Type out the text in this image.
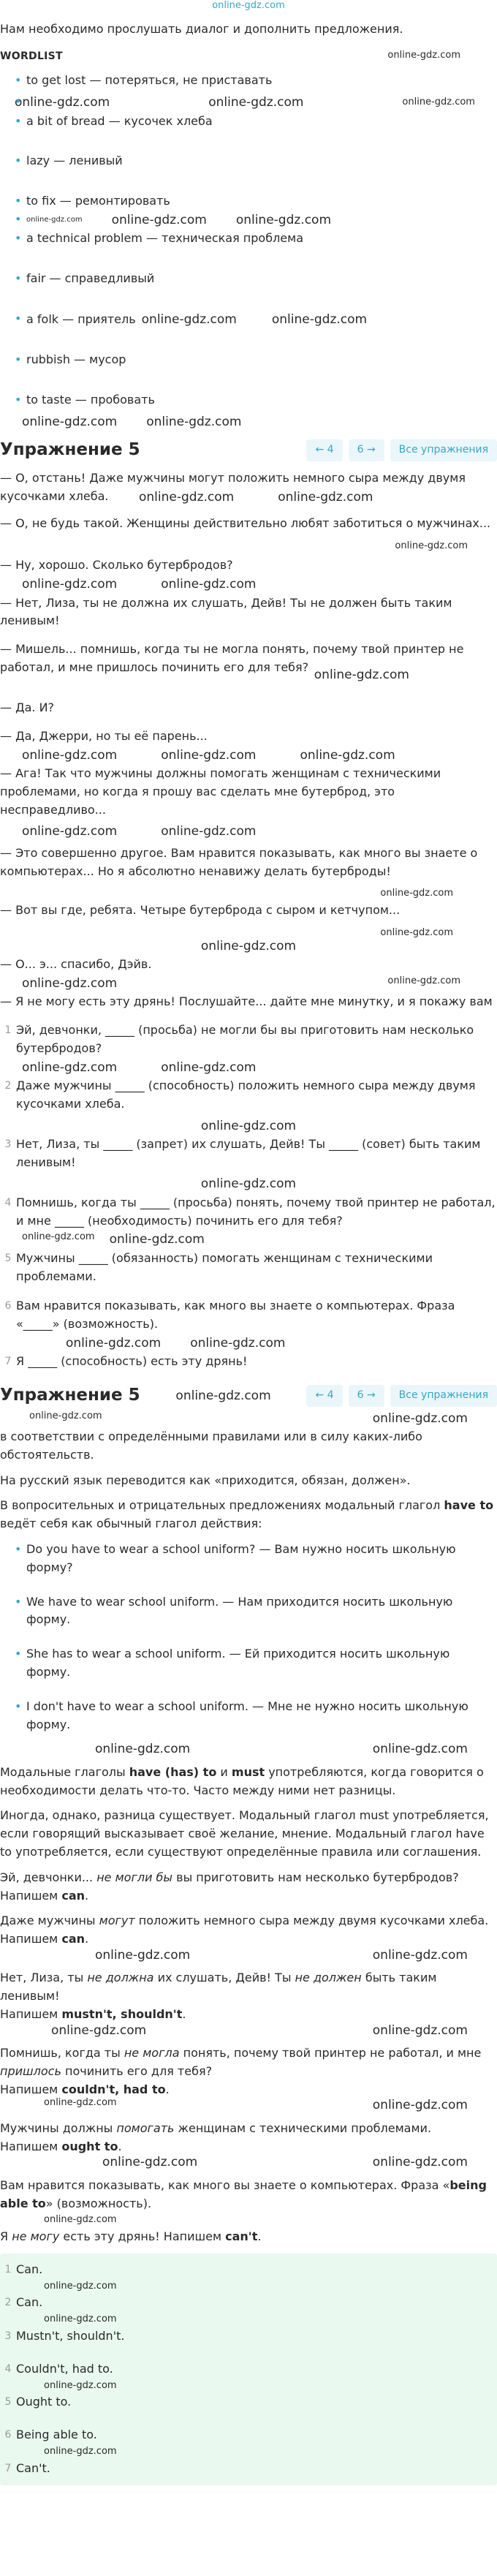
online-gdz.com

Нам необходимо прослушать диалог и дополнить предложения.

WORDLIST	online-gdz.com
• to get lost — потеряться, не приставать
• online-gdz.com	online-gdz.com	online-gdz.com
• a bit of bread — кусочек хлеба
• lazy — ленивый
• to fix — ремонтировать
• online-gdz.com online-gdz.com online-gdz.com
• a technical problem — техническая проблема
• fair — справедливый
• a folk — приятель online-gdz.com	online-gdz.com
• rubbish — мусор
• to taste — пробовать
online-gdz.com online-gdz.com
Упражнение 5	← 4	6 →	Все упражнения

— О, отстань! Даже мужчины могут положить немного сыра между двумя кусочками хлеба.	online-gdz.com	online-gdz.com

— О, не будь такой. Женщины действительно любят заботиться о мужчинах...

online-gdz.com

— Ну, хорошо. Сколько бутербродов?

online-gdz.com	online-gdz.com

— Нет, Лиза, ты не должна их слушать, Дейв! Ты не должен быть таким ленивым!

— Мишель... помнишь, когда ты не могла понять, почему твой принтер не работал, и мне пришлось починить его для тебя?

online-gdz.com

— Да. И?

— Да, Джерри, но ты её парень...

online-gdz.com	online-gdz.com	online-gdz.com

— Ага! Так что мужчины должны помогать женщинам с техническими проблемами, но когда я прошу вас сделать мне бутерброд, это несправедливо...

online-gdz.com	online-gdz.com

— Это совершенно другое. Вам нравится показывать, как много вы знаете о компьютерах... Но я абсолютно ненавижу делать бутерброды!

online-gdz.com

— Вот вы где, ребята. Четыре бутерброда с сыром и кетчупом...

online-gdz.com
online-gdz.com

— О... э... спасибо, Дэйв.

online-gdz.com	online-gdz.com

— Я не могу есть эту дрянь! Послушайте... дайте мне минутку, и я покажу вам

1 Эй, девчонки, _____ (просьба) не могли бы вы приготовить нам несколько бутербродов?
online-gdz.com	online-gdz.com
2 Даже мужчины _____ (способность) положить немного сыра между двумя кусочками хлеба.
online-gdz.com
3 Нет, Лиза, ты _____ (запрет) их слушать, Дейв! Ты _____ (совет) быть таким ленивым!
online-gdz.com
4 Помнишь, когда ты _____ (просьба) понять, почему твой принтер не работал, и мне _____ (необходимость) починить его для тебя?
online-gdz.com online-gdz.com
5 Мужчины _____ (обязанность) помогать женщинам с техническими проблемами.
6 Вам нравится показывать, как много вы знаете о компьютерах. Фраза «_____» (возможность).
online-gdz.com online-gdz.com
7 Я _____ (способность) есть эту дрянь!
Упражнение 5	online-gdz.com	← 4	6 →	Все упражнения
online-gdz.com	online-gdz.com

в соответствии с определёнными правилами или в силу каких-либо обстоятельств.

На русский язык переводится как «приходится, обязан, должен».

В вопросительных и отрицательных предложениях модальный глагол have to ведёт себя как обычный глагол действия:

• Do you have to wear a school uniform? — Вам нужно носить школьную форму?
• We have to wear school uniform. — Нам приходится носить школьную форму.
• She has to wear a school uniform. — Ей приходится носить школьную форму.
• I don't have to wear a school uniform. — Мне не нужно носить школьную форму.
online-gdz.com	online-gdz.com

Модальные глаголы have (has) to и must употребляются, когда говорится о необходимости делать что-то. Часто между ними нет разницы.

Иногда, однако, разница существует. Модальный глагол must употребляется, если говорящий высказывает своё желание, мнение. Модальный глагол have to употребляется, если существуют определённые правила или соглашения.

Эй, девчонки... не могли бы вы приготовить нам несколько бутербродов?
Напишем can.

Даже мужчины могут положить немного сыра между двумя кусочками хлеба.
Напишем can.

online-gdz.com	online-gdz.com

Нет, Лиза, ты не должна их слушать, Дейв! Ты не должен быть таким ленивым!
Напишем mustn't, shouldn't.

online-gdz.com	online-gdz.com

Помнишь, когда ты не могла понять, почему твой принтер не работал, и мне пришлось починить его для тебя?
Напишем couldn't, had to.

online-gdz.com	online-gdz.com

Мужчины должны помогать женщинам с техническими проблемами.
Напишем ought to.

online-gdz.com	online-gdz.com

Вам нравится показывать, как много вы знаете о компьютерах. Фраза «being able to» (возможность).

online-gdz.com

Я не могу есть эту дрянь! Напишем can't.

1 Can.
online-gdz.com
2 Can.
online-gdz.com
3 Mustn't, shouldn't.
4 Couldn't, had to.
online-gdz.com
5 Ought to.
6 Being able to.
online-gdz.com
7 Can't.
